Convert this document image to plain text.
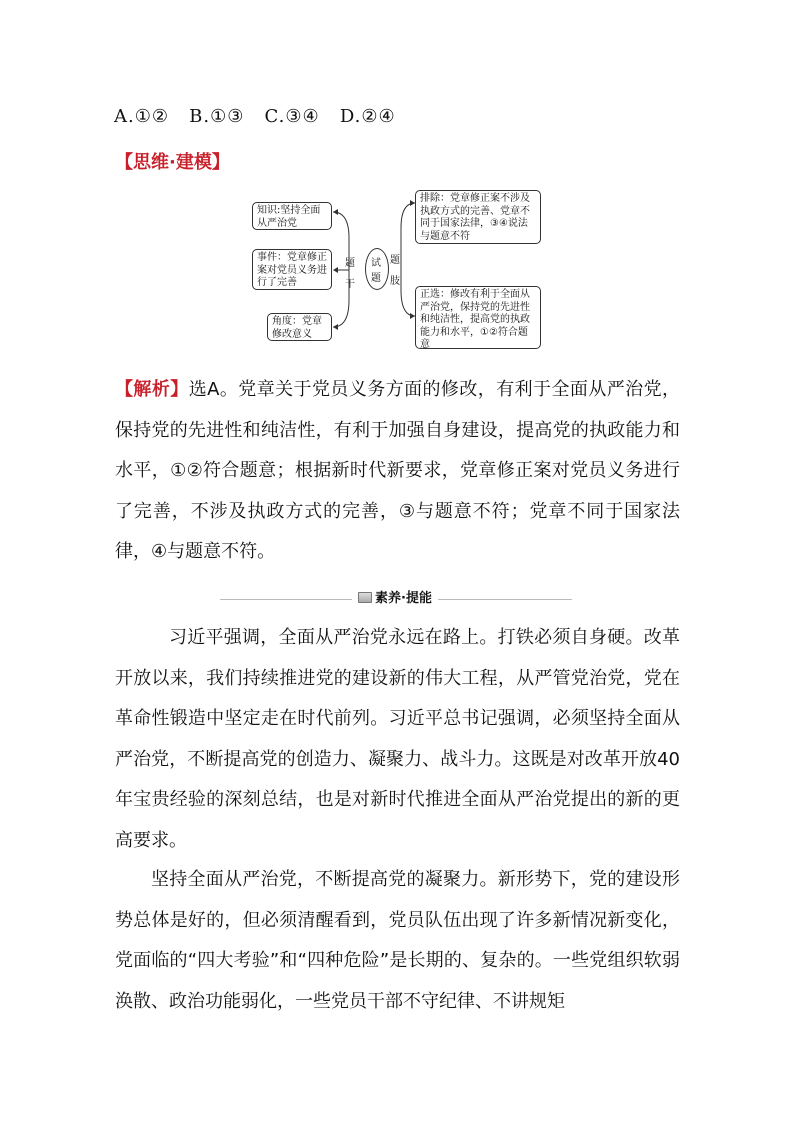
A.①②   B.①③   C.③④   D.②④
【思维·建模】
知识:坚持全面从严治党
事件：党章修正案对党员义务进行了完善
角度：党章修改意义
题
干
试
题
题
肢
排除：党章修正案不涉及执政方式的完善、党章不同于国家法律，③④说法与题意不符
正选：修改有利于全面从严治党，保持党的先进性和纯洁性，提高党的执政能力和水平，①②符合题意
【解析】选A。党章关于党员义务方面的修改，有利于全面从严治党，保持党的先进性和纯洁性，有利于加强自身建设，提高党的执政能力和水平，①②符合题意；根据新时代新要求，党章修正案对党员义务进行了完善，不涉及执政方式的完善，③与题意不符；党章不同于国家法律，④与题意不符。
素养·提能
习近平强调，全面从严治党永远在路上。打铁必须自身硬。改革开放以来，我们持续推进党的建设新的伟大工程，从严管党治党，党在革命性锻造中坚定走在时代前列。习近平总书记强调，必须坚持全面从严治党，不断提高党的创造力、凝聚力、战斗力。这既是对改革开放40年宝贵经验的深刻总结，也是对新时代推进全面从严治党提出的新的更高要求。
坚持全面从严治党，不断提高党的凝聚力。新形势下，党的建设形势总体是好的，但必须清醒看到，党员队伍出现了许多新情况新变化，党面临的“四大考验”和“四种危险”是长期的、复杂的。一些党组织软弱涣散、政治功能弱化，一些党员干部不守纪律、不讲规矩
